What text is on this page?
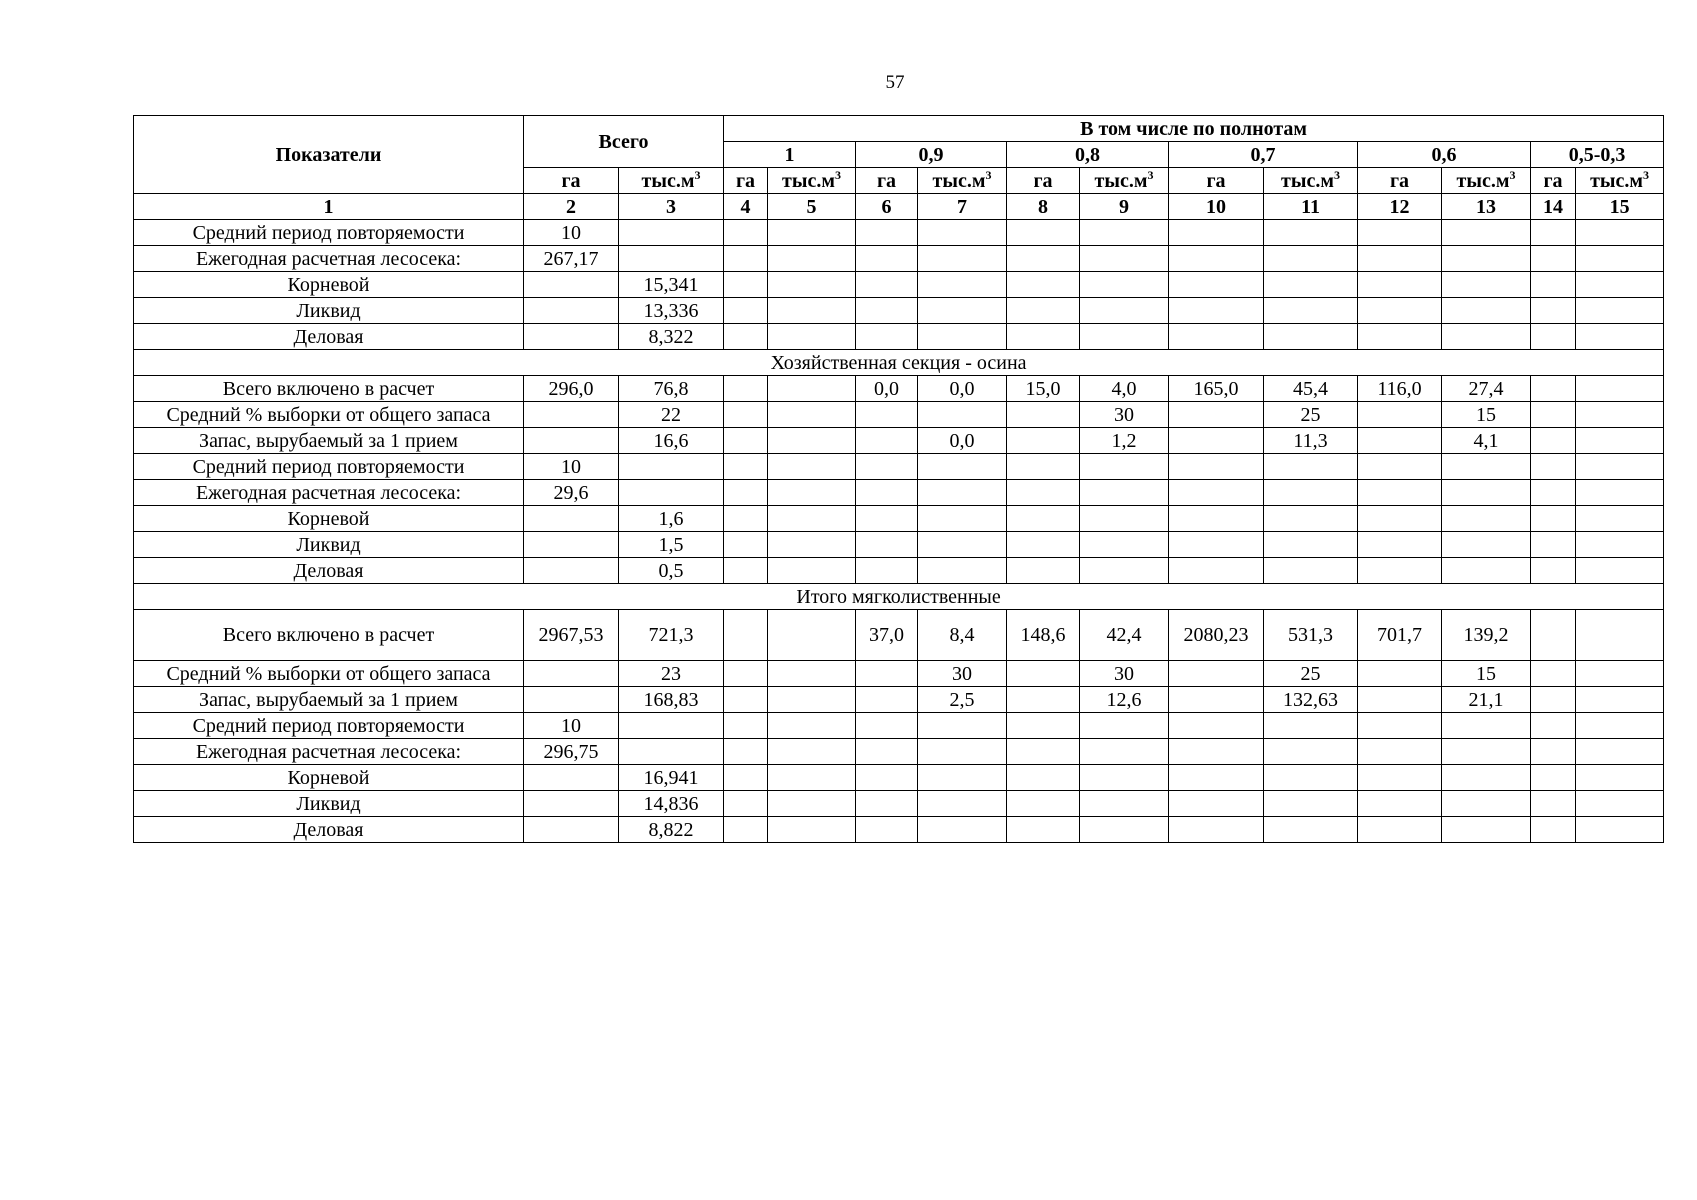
57
Показатели	Всего		В том числе по полнотам											
			1		0,9		0,8		0,7		0,6		0,5-0,3	
	га	$тыс.м^3$	га	$тыс.м^3$	га	$тыс.м^3$	га	$тыс.м^3$	га	$тыс.м^3$	га	$тыс.м^3$	га	$тыс.м^3$
1	2	3	4	5	6	7	8	9	10	11	12	13	14	15
Средний период повторяемости	10													
Ежегодная расчетная лесосека:	267,17													
Корневой		15,341												
Ликвид		13,336												
Деловая		8,322												
Хозяйственная секция - осина														
Всего включено в расчет	296,0	76,8			0,0	0,0	15,0	4,0	165,0	45,4	116,0	27,4		
Средний % выборки от общего запаса		22						30		25		15		
Запас, вырубаемый за 1 прием		16,6				0,0		1,2		11,3		4,1		
Средний период повторяемости	10													
Ежегодная расчетная лесосека:	29,6													
Корневой		1,6												
Ликвид		1,5												
Деловая		0,5												
Итого мягколиственные														
Всего включено в расчет	2967,53	721,3			37,0	8,4	148,6	42,4	2080,23	531,3	701,7	139,2		
Средний % выборки от общего запаса		23				30		30		25		15		
Запас, вырубаемый за 1 прием		168,83				2,5		12,6		132,63		21,1		
Средний период повторяемости	10													
Ежегодная расчетная лесосека:	296,75													
Корневой		16,941												
Ликвид		14,836												
Деловая		8,822												
